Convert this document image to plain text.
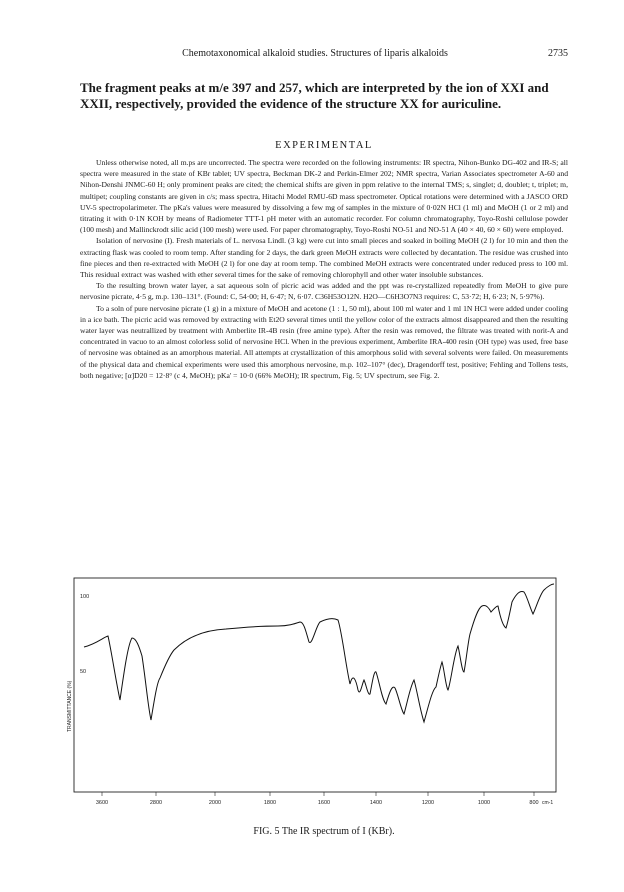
Chemotaxonomical alkaloid studies. Structures of liparis alkaloids	2735
The fragment peaks at m/e 397 and 257, which are interpreted by the ion of XXI and XXII, respectively, provided the evidence of the structure XX for auriculine.
EXPERIMENTAL

Unless otherwise noted, all m.ps are uncorrected. The spectra were recorded on the following instruments: IR spectra, Nihon-Bunko DG-402 and IR-S; all spectra were measured in the state of KBr tablet; UV spectra, Beckman DK-2 and Perkin-Elmer 202; NMR spectra, Varian Associates spectrometer A-60 and Nihon-Denshi JNMC-60 H; only prominent peaks are cited; the chemical shifts are given in ppm relative to the internal TMS; s, singlet; d, doublet; t, triplet; m, multipet; coupling constants are given in c/s; mass spectra, Hitachi Model RMU-6D mass spectrometer. Optical rotations were determined with a JASCO ORD UV-5 spectropolarimeter. The pKa's values were measured by dissolving a few mg of samples in the mixture of 0·02N HCl (1 ml) and MeOH (1 or 2 ml) and titrating it with 0·1N KOH by means of Radiometer TTT-1 pH meter with an automatic recorder. For column chromatography, Toyo-Roshi cellulose powder (100 mesh) and Mallinckrodt silic acid (100 mesh) were used. For paper chromatography, Toyo-Roshi NO-51 and NO-51 A (40 × 40, 60 × 60) were employed.

Isolation of nervosine (I). Fresh materials of L. nervosa Lindl. (3 kg) were cut into small pieces and soaked in boiling MeOH (2 l) for 10 min and then the extracting flask was cooled to room temp. After standing for 2 days, the dark green MeOH extracts were collected by decantation. The residue was crushed into fine pieces and then re-extracted with MeOH (2 l) for one day at room temp. The combined MeOH extracts were concentrated under reduced press to 100 ml. This residual extract was washed with ether several times for the sake of removing chlorophyll and other water insoluble substances.

To the resulting brown water layer, a sat aqueous soln of picric acid was added and the ppt was re-crystallized repeatedly from MeOH to give pure nervosine picrate, 4·5 g, m.p. 130–131°. (Found: C, 54·00; H, 6·47; N, 6·07. C36H53O12N. H2O—C6H3O7N3 requires: C, 53·72; H, 6·23; N, 5·97%).

To a soln of pure nervosine picrate (1 g) in a mixture of MeOH and acetone (1 : 1, 50 ml), about 100 ml water and 1 ml 1N HCl were added under cooling in a ice bath. The picric acid was removed by extracting with Et2O several times until the yellow color of the extracts almost disappeared and then the resulting water layer was neutrallized by treatment with Amberlite IR-4B resin (free amine type). After the resin was removed, the filtrate was treated with norit-A and concentrated in vacuo to an almost colorless solid of nervosine HCl. When in the previous experiment, Amberlite IRA-400 resin (OH type) was used, free base of nervosine was obtained as an amorphous material. All attempts at crystallization of this amorphous solid with several solvents were failed. On measurements of the physical data and chemical experiments were used this amorphous nervosine, m.p. 102–107° (dec), Dragendorff test, positive; Fehling and Tollens tests, both negative; [α]D20 = 12·8° (c 4, MeOH); pKa' = 10·0 (66% MeOH); IR spectrum, Fig. 5; UV spectrum, see Fig. 2.

TRANSMITTANCE (%)
100
50
3600	2800	2000	1800	1600	1400	1200	1000	800 cm-1
FIG. 5 The IR spectrum of I (KBr).
